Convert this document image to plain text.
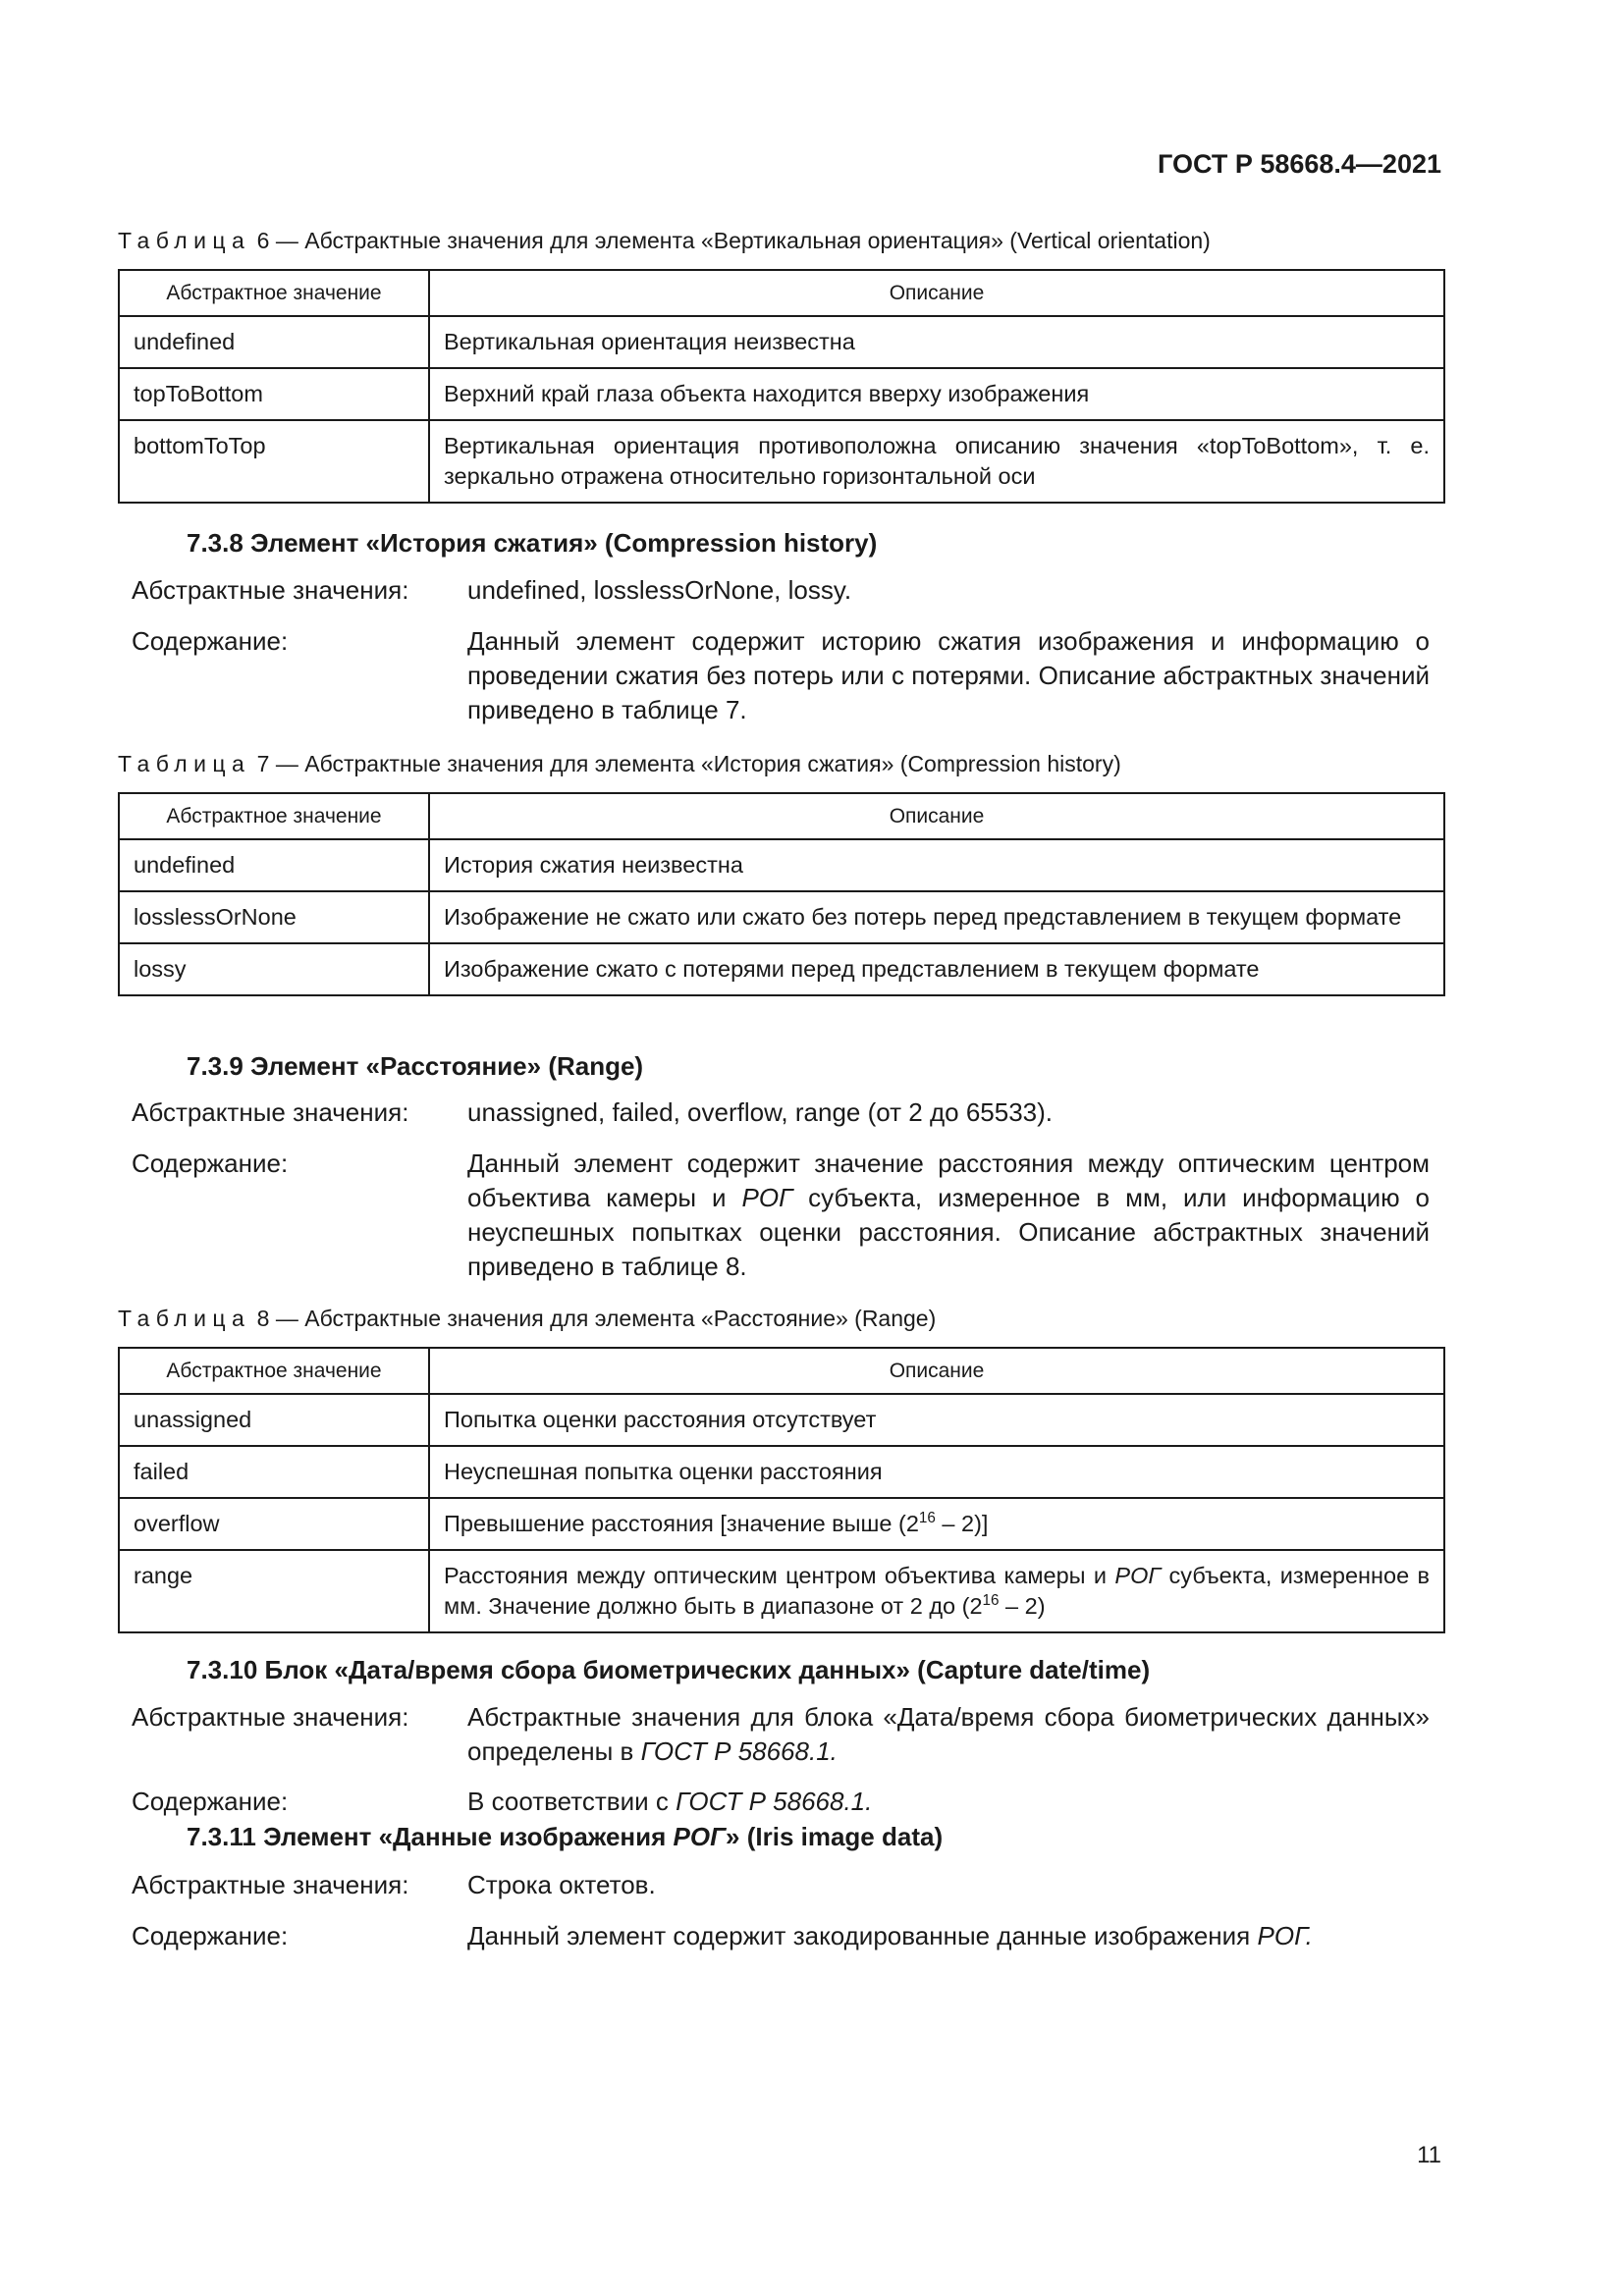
ГОСТ Р 58668.4—2021
Таблица 6 — Абстрактные значения для элемента «Вертикальная ориентация» (Vertical orientation)
Абстрактное значение	Описание
undefined	Вертикальная ориентация неизвестна
topToBottom	Верхний край глаза объекта находится вверху изображения
bottomToTop	Вертикальная ориентация противоположна описанию значения «topToBottom», т. е. зеркально отражена относительно горизонтальной оси
7.3.8 Элемент «История сжатия» (Compression history)
Абстрактные значения: undefined, losslessOrNone, lossy.
Содержание:	Данный элемент содержит историю сжатия изображения и информацию о проведении сжатия без потерь или с потерями. Описание абстрактных значений приведено в таблице 7.
Таблица 7 — Абстрактные значения для элемента «История сжатия» (Compression history)
Абстрактное значение	Описание
undefined	История сжатия неизвестна
losslessOrNone	Изображение не сжато или сжато без потерь перед представлением в текущем формате
lossy	Изображение сжато с потерями перед представлением в текущем формате
7.3.9 Элемент «Расстояние» (Range)
Абстрактные значения: unassigned, failed, overflow, range (от 2 до 65533).
Содержание:	Данный элемент содержит значение расстояния между оптическим центром объектива камеры и РОГ субъекта, измеренное в мм, или информацию о неуспешных попытках оценки расстояния. Описание абстрактных значений приведено в таблице 8.
Таблица 8 — Абстрактные значения для элемента «Расстояние» (Range)
Абстрактное значение	Описание
unassigned	Попытка оценки расстояния отсутствует
failed	Неуспешная попытка оценки расстояния
overflow	Превышение расстояния [значение выше $(2^{16} - 2)$]
range	Расстояния между оптическим центром объектива камеры и РОГ субъекта, измеренное в мм. Значение должно быть в диапазоне от 2 до $(2^{16} - 2)$
7.3.10 Блок «Дата/время сбора биометрических данных» (Capture date/time)
Абстрактные значения: Абстрактные значения для блока «Дата/время сбора биометрических данных» определены в ГОСТ Р 58668.1.
Содержание:	В соответствии с ГОСТ Р 58668.1.
7.3.11 Элемент «Данные изображения РОГ» (Iris image data)
Абстрактные значения: Строка октетов.
Содержание:	Данный элемент содержит закодированные данные изображения РОГ.
11
